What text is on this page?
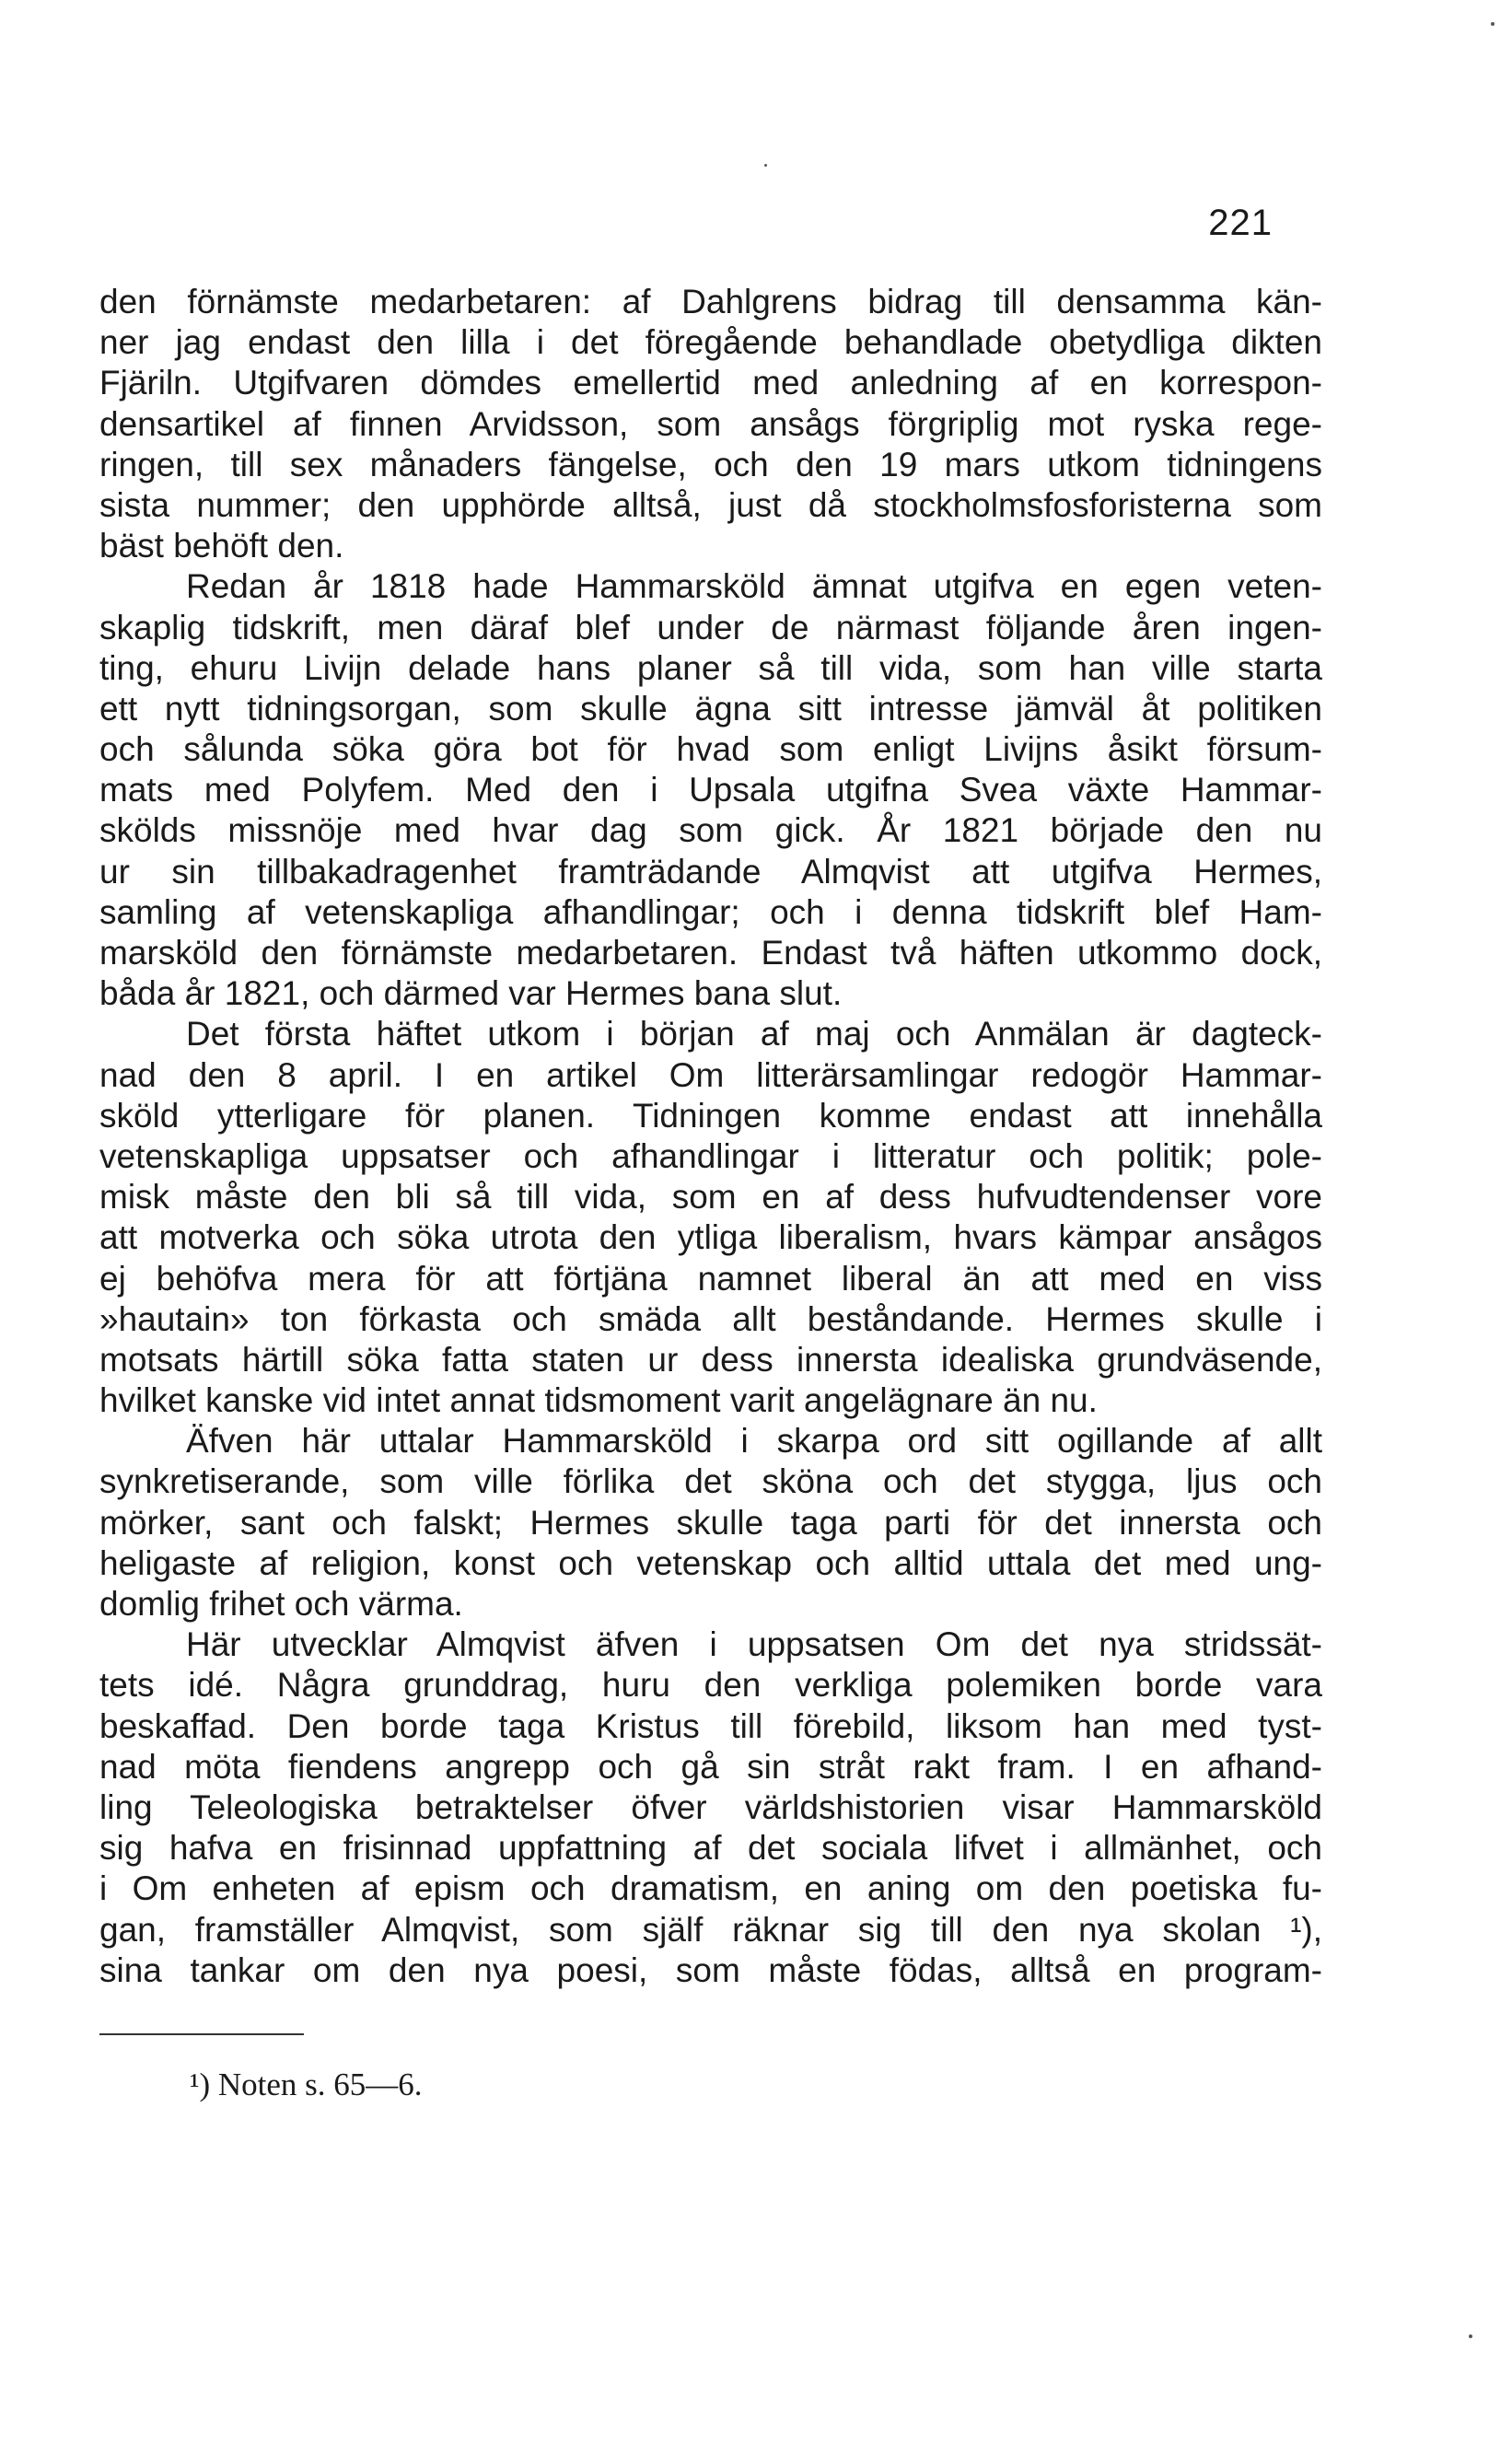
221
den förnämste medarbetaren: af Dahlgrens bidrag till densamma kän-
ner jag endast den lilla i det föregående behandlade obetydliga dikten
Fjäriln. Utgifvaren dömdes emellertid med anledning af en korrespon-
densartikel af finnen Arvidsson, som ansågs förgriplig mot ryska rege-
ringen, till sex månaders fängelse, och den 19 mars utkom tidningens
sista nummer; den upphörde alltså, just då stockholmsfosforisterna som
bäst behöft den.
Redan år 1818 hade Hammarsköld ämnat utgifva en egen veten-
skaplig tidskrift, men däraf blef under de närmast följande åren ingen-
ting, ehuru Livijn delade hans planer så till vida, som han ville starta
ett nytt tidningsorgan, som skulle ägna sitt intresse jämväl åt politiken
och sålunda söka göra bot för hvad som enligt Livijns åsikt försum-
mats med Polyfem. Med den i Upsala utgifna Svea växte Hammar-
skölds missnöje med hvar dag som gick. År 1821 började den nu
ur sin tillbakadragenhet framträdande Almqvist att utgifva Hermes,
samling af vetenskapliga afhandlingar; och i denna tidskrift blef Ham-
marsköld den förnämste medarbetaren. Endast två häften utkommo dock,
båda år 1821, och därmed var Hermes bana slut.
Det första häftet utkom i början af maj och Anmälan är dagteck-
nad den 8 april. I en artikel Om litterärsamlingar redogör Hammar-
sköld ytterligare för planen. Tidningen komme endast att innehålla
vetenskapliga uppsatser och afhandlingar i litteratur och politik; pole-
misk måste den bli så till vida, som en af dess hufvudtendenser vore
att motverka och söka utrota den ytliga liberalism, hvars kämpar ansågos
ej behöfva mera för att förtjäna namnet liberal än att med en viss
»hautain» ton förkasta och smäda allt beståndande. Hermes skulle i
motsats härtill söka fatta staten ur dess innersta idealiska grundväsende,
hvilket kanske vid intet annat tidsmoment varit angelägnare än nu.
Äfven här uttalar Hammarsköld i skarpa ord sitt ogillande af allt
synkretiserande, som ville förlika det sköna och det stygga, ljus och
mörker, sant och falskt; Hermes skulle taga parti för det innersta och
heligaste af religion, konst och vetenskap och alltid uttala det med ung-
domlig frihet och värma.
Här utvecklar Almqvist äfven i uppsatsen Om det nya stridssät-
tets idé. Några grunddrag, huru den verkliga polemiken borde vara
beskaffad. Den borde taga Kristus till förebild, liksom han med tyst-
nad möta fiendens angrepp och gå sin stråt rakt fram. I en afhand-
ling Teleologiska betraktelser öfver världshistorien visar Hammarsköld
sig hafva en frisinnad uppfattning af det sociala lifvet i allmänhet, och
i Om enheten af epism och dramatism, en aning om den poetiska fu-
gan, framställer Almqvist, som själf räknar sig till den nya skolan ¹),
sina tankar om den nya poesi, som måste födas, alltså en program-
¹) Noten s. 65—6.
